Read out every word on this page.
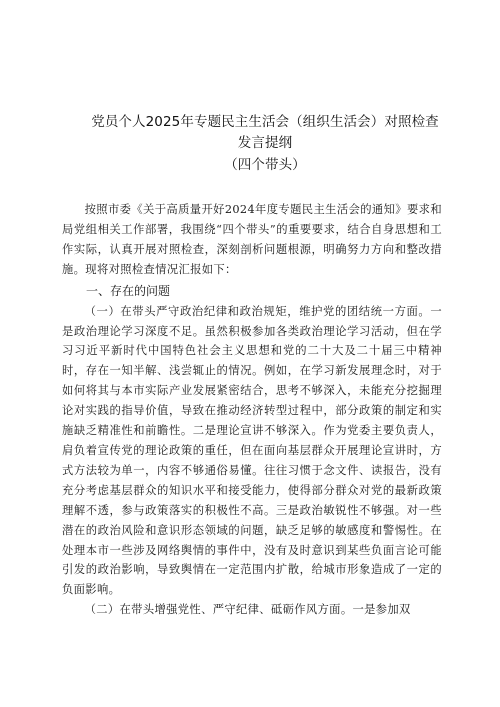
党员个人2025年专题民主生活会（组织生活会）对照检查发言提纲
（四个带头）

按照市委《关于高质量开好2024年度专题民主生活会的通知》要求和局党组相关工作部署，我围绕“四个带头”的重要要求，结合自身思想和工作实际，认真开展对照检查，深刻剖析问题根源，明确努力方向和整改措施。现将对照检查情况汇报如下：

一、存在的问题

（一）在带头严守政治纪律和政治规矩，维护党的团结统一方面。一是政治理论学习深度不足。虽然积极参加各类政治理论学习活动，但在学习习近平新时代中国特色社会主义思想和党的二十大及二十届三中精神时，存在一知半解、浅尝辄止的情况。例如，在学习新发展理念时，对于如何将其与本市实际产业发展紧密结合，思考不够深入，未能充分挖掘理论对实践的指导价值，导致在推动经济转型过程中，部分政策的制定和实施缺乏精准性和前瞻性。二是理论宣讲不够深入。作为党委主要负责人，肩负着宣传党的理论政策的重任，但在面向基层群众开展理论宣讲时，方式方法较为单一，内容不够通俗易懂。往往习惯于念文件、读报告，没有充分考虑基层群众的知识水平和接受能力，使得部分群众对党的最新政策理解不透，参与政策落实的积极性不高。三是政治敏锐性不够强。对一些潜在的政治风险和意识形态领域的问题，缺乏足够的敏感度和警惕性。在处理本市一些涉及网络舆情的事件中，没有及时意识到某些负面言论可能引发的政治影响，导致舆情在一定范围内扩散，给城市形象造成了一定的负面影响。

（二）在带头增强党性、严守纪律、砥砺作风方面。一是参加双
